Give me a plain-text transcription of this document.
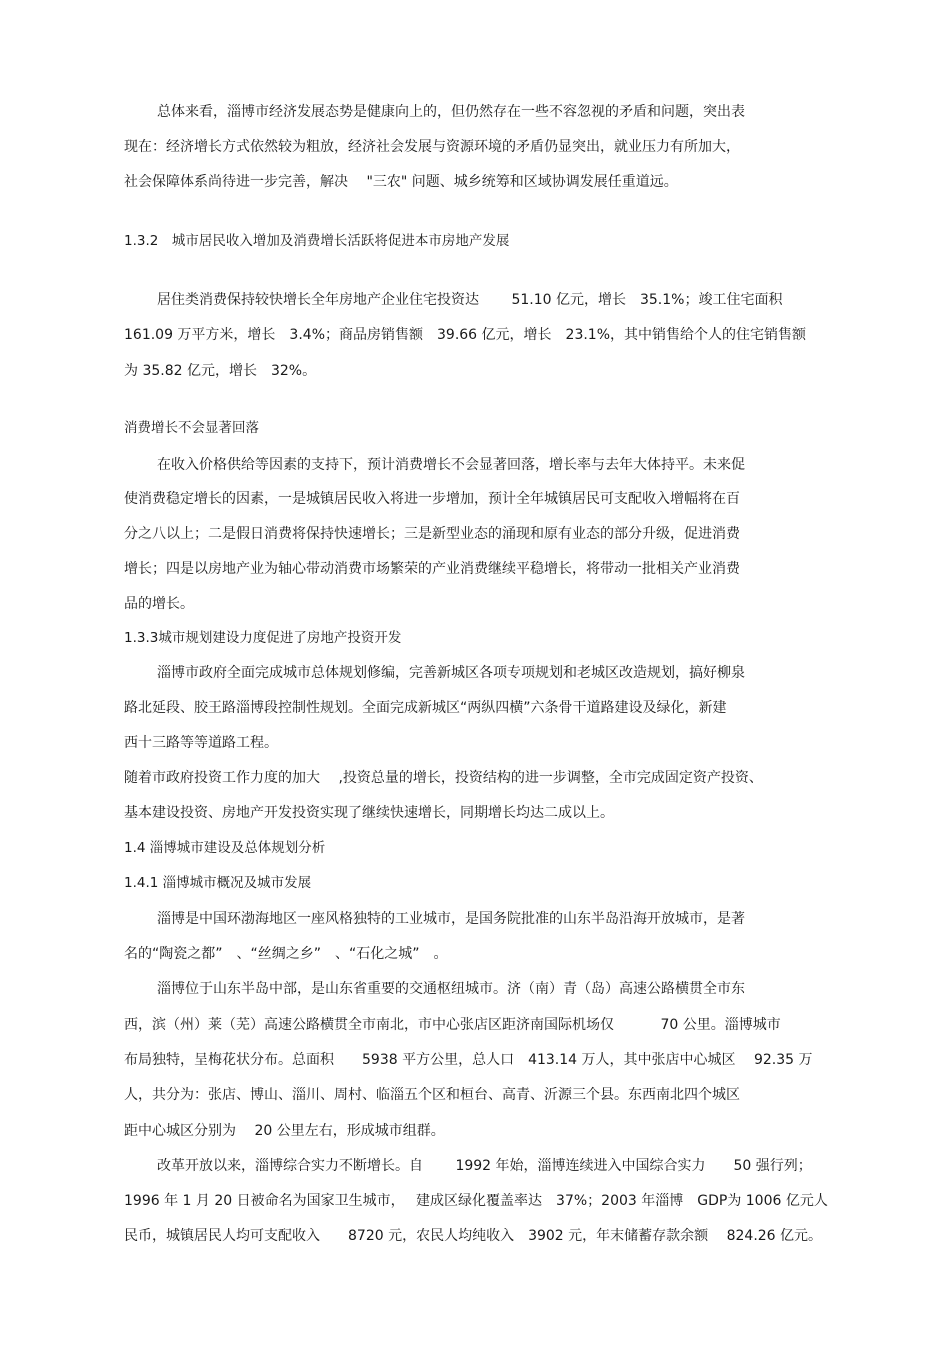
总体来看，淄博市经济发展态势是健康向上的，但仍然存在一些不容忽视的矛盾和问题，突出表

现在：经济增长方式依然较为粗放，经济社会发展与资源环境的矛盾仍显突出，就业压力有所加大，

社会保障体系尚待进一步完善，解决　 "三农" 问题、城乡统筹和区域协调发展任重道远。

1.3.2　城市居民收入增加及消费增长活跃将促进本市房地产发展

居住类消费保持较快增长全年房地产企业住宅投资达　　 51.10 亿元，增长　35.1%；竣工住宅面积

161.09 万平方米，增长　3.4%；商品房销售额　39.66 亿元，增长　23.1%，其中销售给个人的住宅销售额

为 35.82 亿元，增长　32%。

消费增长不会显著回落

在收入价格供给等因素的支持下，预计消费增长不会显著回落，增长率与去年大体持平。未来促

使消费稳定增长的因素，一是城镇居民收入将进一步增加，预计全年城镇居民可支配收入增幅将在百

分之八以上；二是假日消费将保持快速增长；三是新型业态的涌现和原有业态的部分升级，促进消费

增长；四是以房地产业为轴心带动消费市场繁荣的产业消费继续平稳增长，将带动一批相关产业消费

品的增长。

1.3.3城市规划建设力度促进了房地产投资开发

淄博市政府全面完成城市总体规划修编，完善新城区各项专项规划和老城区改造规划，搞好柳泉

路北延段、胶王路淄博段控制性规划。全面完成新城区“两纵四横”六条骨干道路建设及绿化，新建

西十三路等等道路工程。

随着市政府投资工作力度的加大　 ,投资总量的增长，投资结构的进一步调整，全市完成固定资产投资、

基本建设投资、房地产开发投资实现了继续快速增长，同期增长均达二成以上。

1.4 淄博城市建设及总体规划分析

1.4.1 淄博城市概况及城市发展

淄博是中国环渤海地区一座风格独特的工业城市，是国务院批准的山东半岛沿海开放城市，是著

名的“陶瓷之都”　、“丝绸之乡”　、“石化之城”　。

淄博位于山东半岛中部，是山东省重要的交通枢纽城市。济（南）青（岛）高速公路横贯全市东

西，滨（州）莱（芜）高速公路横贯全市南北，市中心张店区距济南国际机场仅　　　 70 公里。淄博城市

布局独特，呈梅花状分布。总面积　　5938 平方公里，总人口　413.14 万人，其中张店中心城区　 92.35 万

人，共分为：张店、博山、淄川、周村、临淄五个区和桓台、高青、沂源三个县。东西南北四个城区

距中心城区分别为　 20 公里左右，形成城市组群。

改革开放以来，淄博综合实力不断增长。自　　 1992 年始，淄博连续进入中国综合实力　　50 强行列；

1996 年 1 月 20 日被命名为国家卫生城市，　 建成区绿化覆盖率达　37%；2003 年淄博　GDP为 1006 亿元人

民币，城镇居民人均可支配收入　　8720 元，农民人均纯收入　3902 元，年末储蓄存款余额　 824.26 亿元。
